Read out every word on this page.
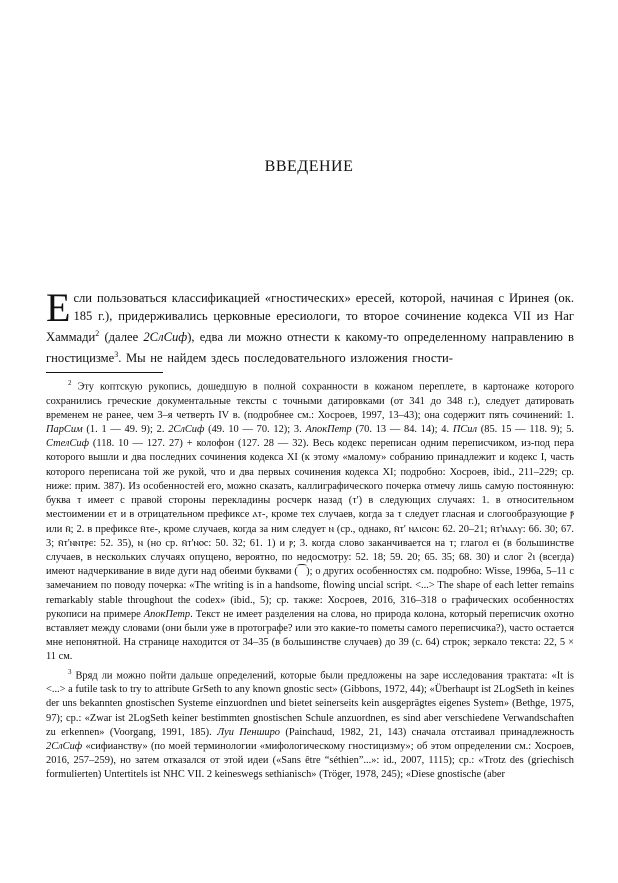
ВВЕДЕНИЕ
Е сли пользоваться классификацией «гностических» ересей, которой, начиная с Иринея (ок. 185 г.), придерживались церковные ересиологи, то второе сочинение кодекса VII из Наг Хаммади$^2$ (далее 2СлСиф), едва ли можно отнести к какому-то определенному направлению в гностицизме$^3$. Мы не найдем здесь последовательного изложения гности-

$^2$ Эту коптскую рукопись, дошедшую в полной сохранности в кожаном переплете, в картонаже которого сохранились греческие документальные тексты с точными датировками (от 341 до 348 г.), следует датировать временем не ранее, чем 3–я четверть IV в. (подробнее см.: Хосроев, 1997, 13–43); она содержит пять сочинений: 1. ПарСим (1. 1 — 49. 9); 2. 2СлСиф (49. 10 — 70. 12); 3. АпокПетр (70. 13 — 84. 14); 4. ПСил (85. 15 — 118. 9); 5. СтелСиф (118. 10 — 127. 27) + колофон (127. 28 — 32). Весь кодекс переписан одним переписчиком, из-под пера которого вышли и два последних сочинения кодекса XI (к этому «малому» собранию принадлежит и кодекс I, часть которого переписана той же рукой, что и два первых сочинения кодекса XI; подробно: Хосроев, ibid., 211–229; ср. ниже: прим. 387). Из особенностей его, можно сказать, каллиграфического почерка отмечу лишь самую постоянную: буква ⲧ имеет с правой стороны перекладины росчерк назад (ⲧ') в следующих случаях: 1. в относительном местоимении ⲉⲧ и в отрицательном префиксе ⲁⲧ-, кроме тех случаев, когда за ⲧ следует гласная и слогообразующие ⲣ̄ или ⲛ̄; 2. в префиксе ⲛ̄ⲧⲉ-, кроме случаев, когда за ним следует ⲛ (ср., однако, ⲛ̄ⲧ' ⲛⲁⲓⲥⲟⲛ: 62. 20–21; ⲛ̄ⲧ'ⲛⲁⲁⲩ: 66. 30; 67. 3; ⲛ̄ⲧ'ⲛⲛⲧⲣⲉ: 52. 35), ⲛ (но ср. ⲛ̄ⲧ'ⲛⲟⲥ: 50. 32; 61. 1) и ⲣ; 3. когда слово заканчивается на ⲧ; глагол ⲉⲓ (в большинстве случаев, в нескольких случаях опущено, вероятно, по недосмотру: 52. 18; 59. 20; 65. 35; 68. 30) и слог ϩⲓ (всегда) имеют надчеркивание в виде дуги над обеими буквами (⁀); о других особенностях см. подробно: Wisse, 1996a, 5–11 с замечанием по поводу почерка: «The writing is in a handsome, flowing uncial script. <...> The shape of each letter remains remarkably stable throughout the codex» (ibid., 5); ср. также: Хосроев, 2016, 316–318 о графических особенностях рукописи на примере АпокПетр. Текст не имеет разделения на слова, но природа колона, который переписчик охотно вставляет между словами (они были уже в протографе? или это какие-то пометы самого переписчика?), часто остается мне непонятной. На странице находится от 34–35 (в большинстве случаев) до 39 (с. 64) строк; зеркало текста: 22, 5 × 11 см.

$^3$ Вряд ли можно пойти дальше определений, которые были предложены на заре исследования трактата: «It is <...> a futile task to try to attribute GrSeth to any known gnostic sect» (Gibbons, 1972, 44); «Überhaupt ist 2LogSeth in keines der uns bekannten gnostischen Systeme einzuordnen und bietet seinerseits kein ausgeprägtes eigenes System» (Bethge, 1975, 97); ср.: «Zwar ist 2LogSeth keiner bestimmten gnostischen Schule anzuordnen, es sind aber verschiedene Verwandschaften zu erkennen» (Voorgang, 1991, 185). Луи Пенширо (Painchaud, 1982, 21, 143) сначала отстаивал принадлежность 2СлСиф «сифианству» (по моей терминологии «мифологическому гностицизму»; об этом определении см.: Хосроев, 2016, 257–259), но затем отказался от этой идеи («Sans être “séthien”...»: id., 2007, 1115); ср.: «Trotz des (griechisch formulierten) Untertitels ist NHC VII. 2 keineswegs sethianisch» (Tröger, 1978, 245); «Diese gnostische (aber
